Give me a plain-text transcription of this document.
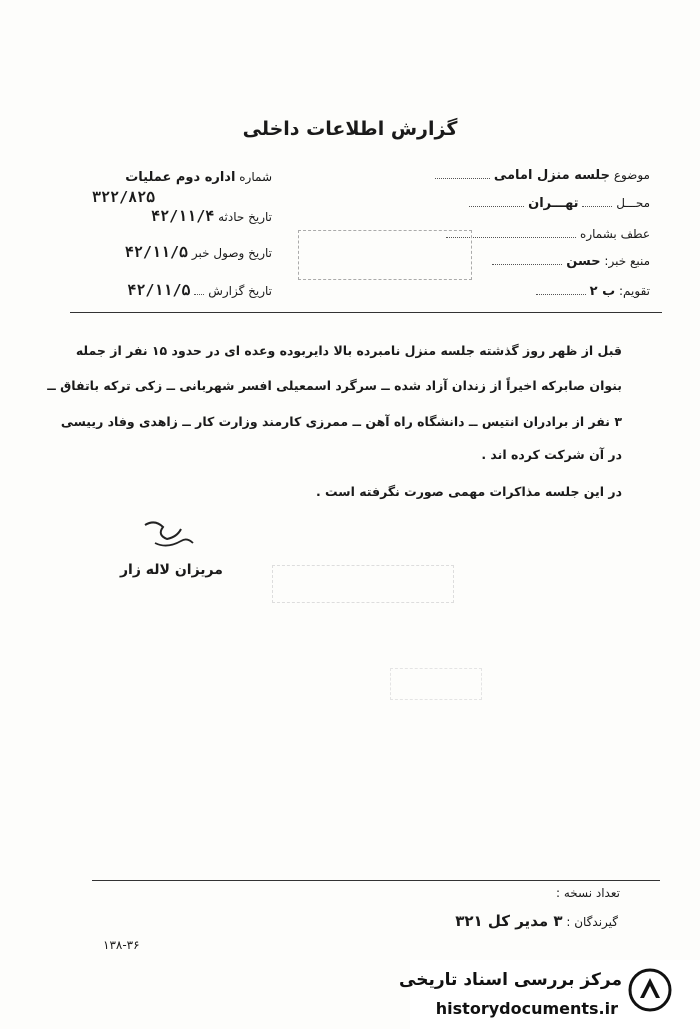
گزارش اطلاعات داخلی
موضوع جلسه منزل امامی
محـــل  تهـــران
عطف بشماره
منبع خبر: حسن
تقویم: ب ۲
شماره اداره دوم عملیات
۳۲۲/۸۲۵
تاریخ حادثه ۴۲/۱۱/۴
تاریخ وصول خبر ۴۲/۱۱/۵
تاریخ گزارش  ۴۲/۱۱/۵
قبل از ظهر روز گذشته جلسه منزل نامبرده بالا دایربوده وعده ای در حدود ۱۵ نفر از جمله
بنوان صابرکه اخیراً از زندان آزاد شده ــ سرگرد اسمعیلی افسر شهربانی ــ زکی ترکه باتفاق ــ
۳ نفر از برادران انتیس ــ دانشگاه راه آهن ــ ممرزی کارمند وزارت کار ــ زاهدی وفاد رییسی
در آن شرکت کرده اند .
در این جلسه مذاکرات مهمی صورت نگرفته است .
مریزان لاله زار
تعداد نسخه :
گیرندگان : ۳ مدیر کل ۳۲۱
۱۳۸-۳۶
مرکز بررسی اسناد تاریخی
historydocuments.ir
